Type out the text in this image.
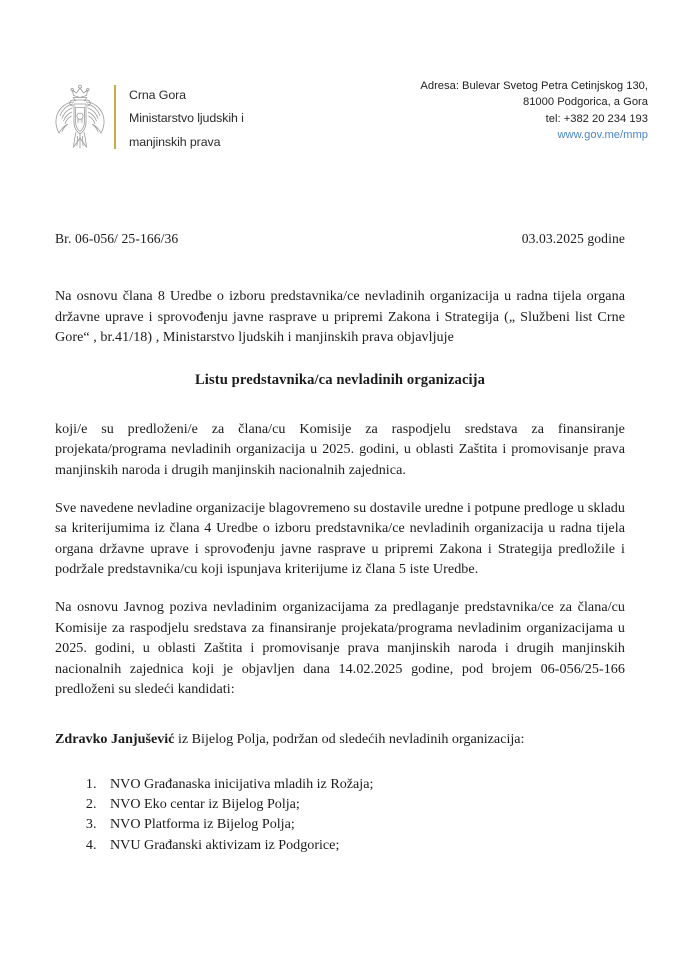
Crna Gora
Ministarstvo ljudskih i
manjinskih prava
Adresa: Bulevar Svetog Petra Cetinjskog 130,
81000 Podgorica, a Gora
tel: +382 20 234 193
www.gov.me/mmp
Br. 06-056/ 25-166/36	03.03.2025 godine

Na osnovu člana 8 Uredbe o izboru predstavnika/ce nevladinih organizacija u radna tijela organa državne uprave i sprovođenju javne rasprave u pripremi Zakona i Strategija („ Službeni list Crne Gore“ , br.41/18) , Ministarstvo ljudskih i manjinskih prava objavljuje

Listu predstavnika/ca nevladinih organizacija

koji/e su predloženi/e za člana/cu Komisije za raspodjelu sredstava za finansiranje projekata/programa nevladinih organizacija u 2025. godini, u oblasti Zaštita i promovisanje prava manjinskih naroda i drugih manjinskih nacionalnih zajednica.

Sve navedene nevladine organizacije blagovremeno su dostavile uredne i potpune predloge u skladu sa kriterijumima iz člana 4 Uredbe o izboru predstavnika/ce nevladinih organizacija u radna tijela organa državne uprave i sprovođenju javne rasprave u pripremi Zakona i Strategija predložile i podržale predstavnika/cu koji ispunjava kriterijume iz člana 5 iste Uredbe.

Na osnovu Javnog poziva nevladinim organizacijama za predlaganje predstavnika/ce za člana/cu Komisije za raspodjelu sredstava za finansiranje projekata/programa nevladinim organizacijama u 2025. godini, u oblasti Zaštita i promovisanje prava manjinskih naroda i drugih manjinskih nacionalnih zajednica koji je objavljen dana 14.02.2025 godine, pod brojem 06-056/25-166 predloženi su sledeći kandidati:

Zdravko Janjušević iz Bijelog Polja, podržan od sledećih nevladinih organizacija:
1. NVO Građanaska inicijativa mladih iz Rožaja;
2. NVO Eko centar iz Bijelog Polja;
3. NVO Platforma iz Bijelog Polja;
4. NVU Građanski aktivizam iz Podgorice;
